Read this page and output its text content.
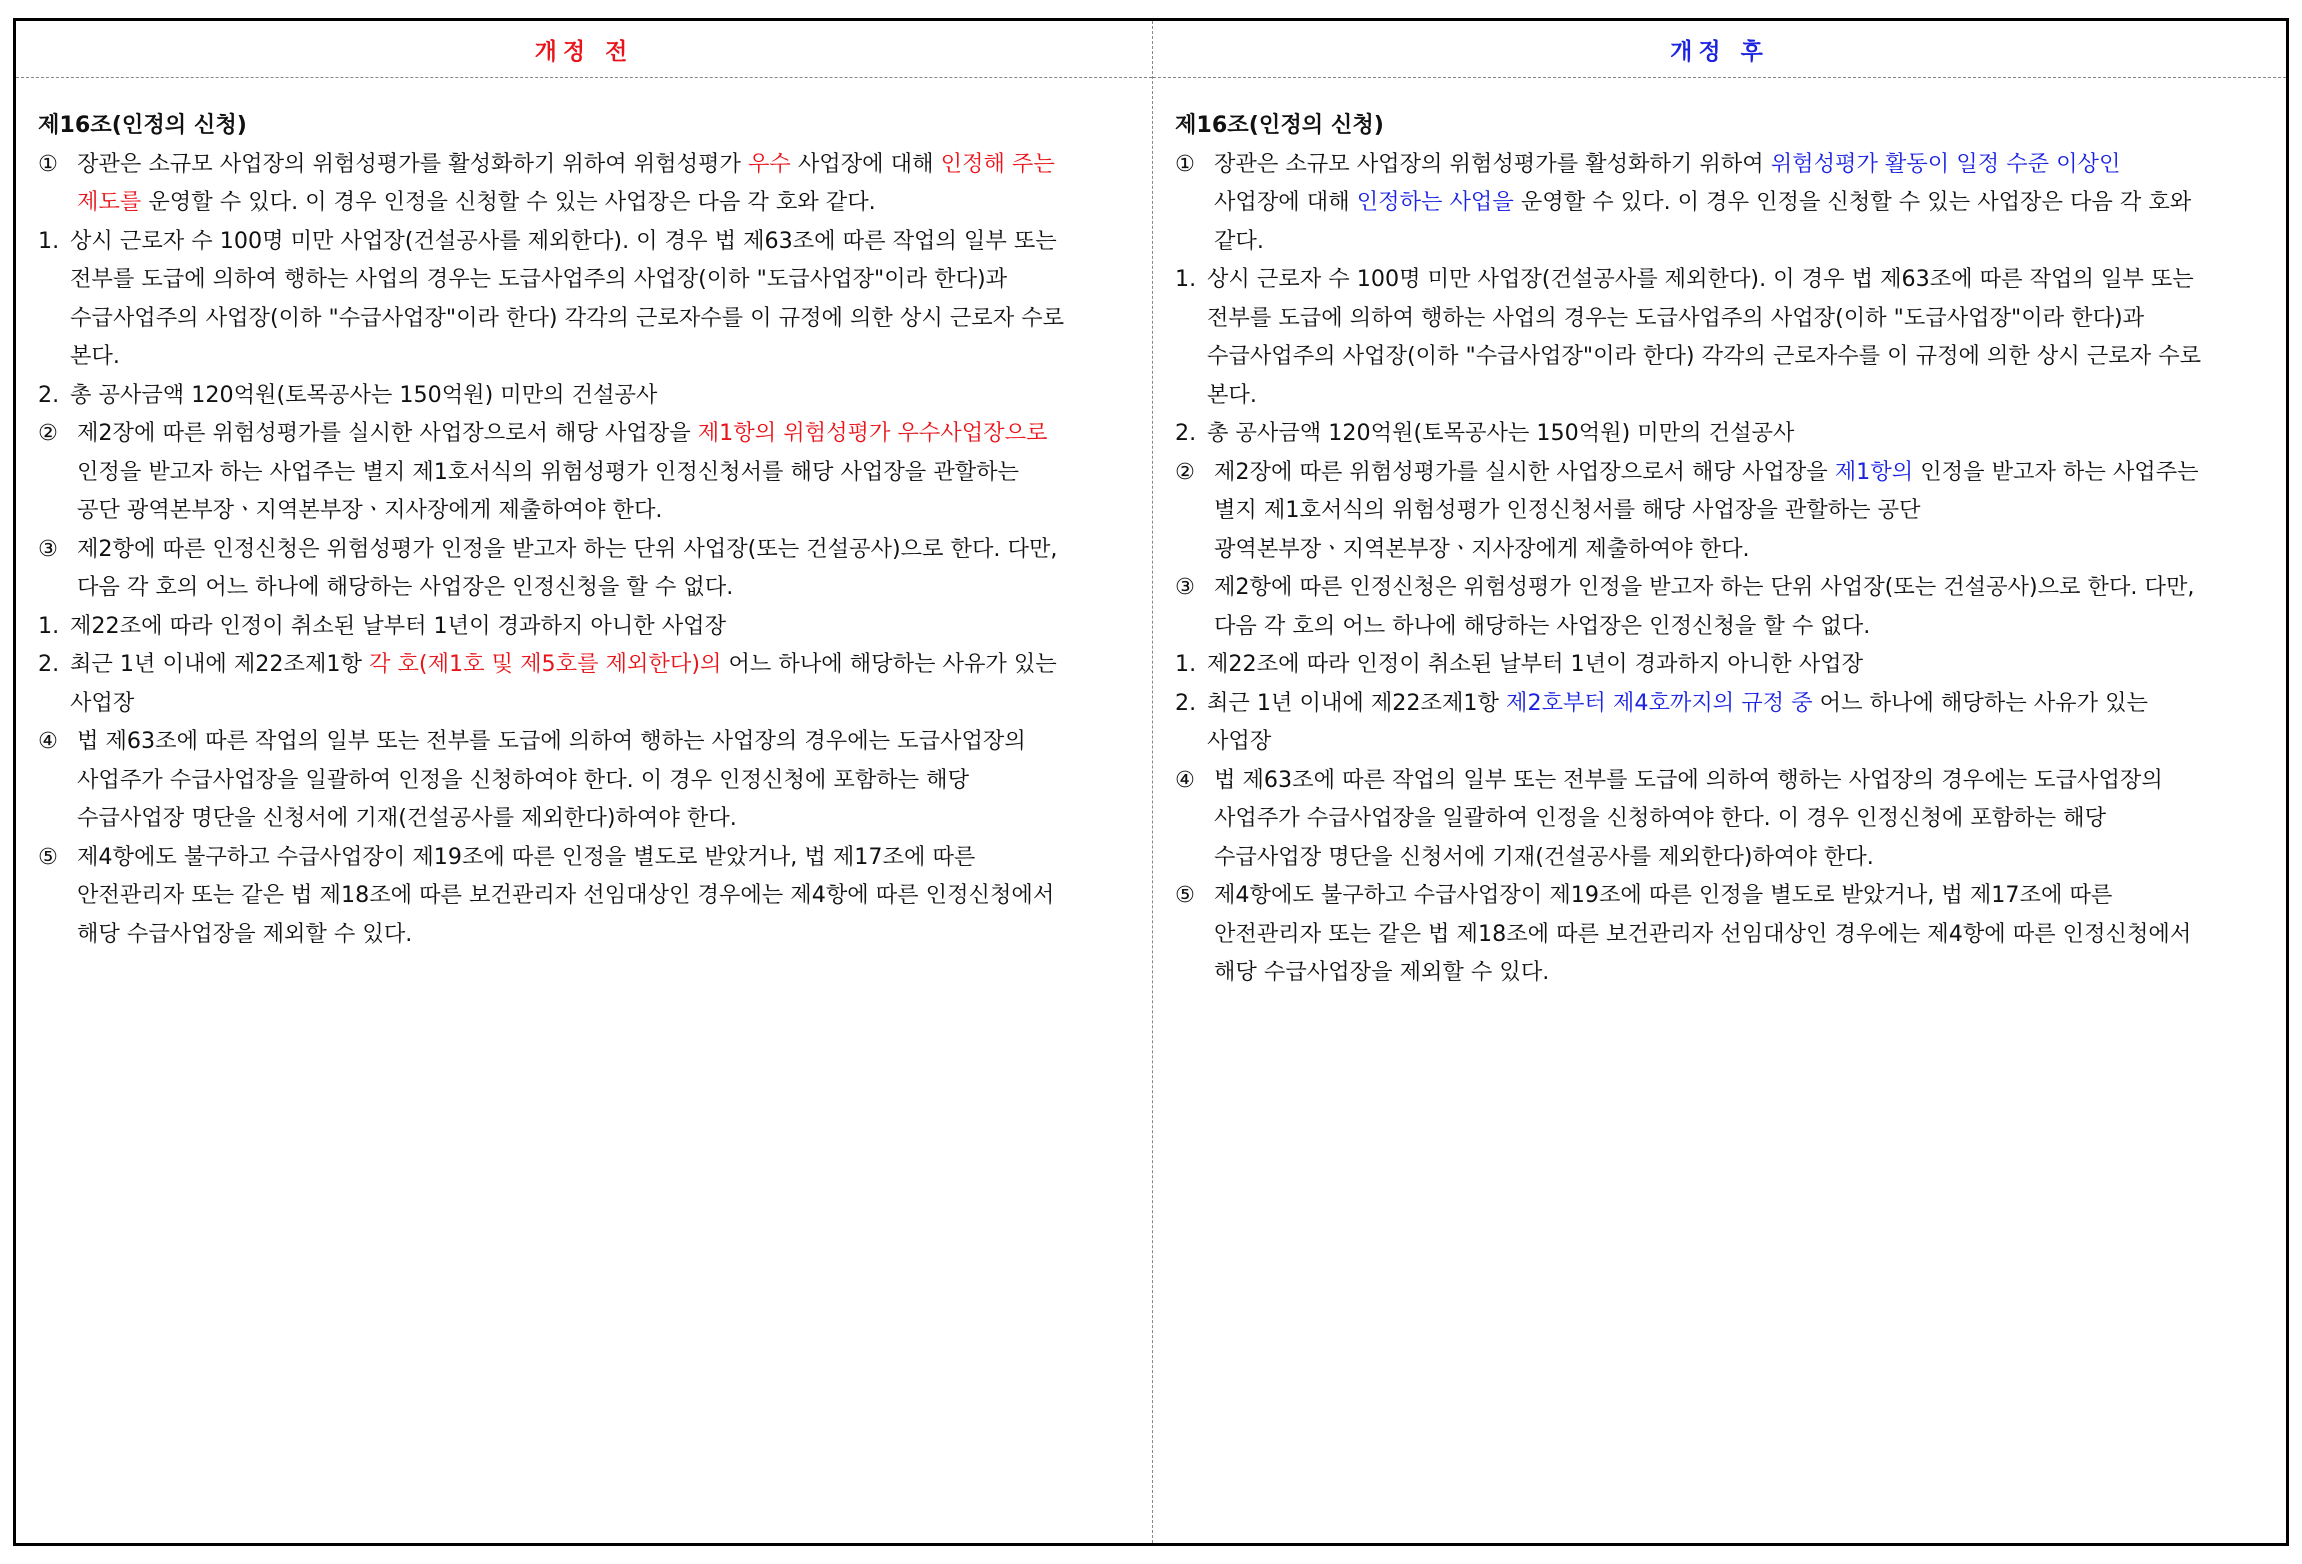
개정 전
제16조(인정의 신청)
① 장관은 소규모 사업장의 위험성평가를 활성화하기 위하여 위험성평가 우수 사업장에 대해 인정해 주는
제도를 운영할 수 있다. 이 경우 인정을 신청할 수 있는 사업장은 다음 각 호와 같다.
1. 상시 근로자 수 100명 미만 사업장(건설공사를 제외한다). 이 경우 법 제63조에 따른 작업의 일부 또는
전부를 도급에 의하여 행하는 사업의 경우는 도급사업주의 사업장(이하 "도급사업장"이라 한다)과
수급사업주의 사업장(이하 "수급사업장"이라 한다) 각각의 근로자수를 이 규정에 의한 상시 근로자 수로
본다.
2. 총 공사금액 120억원(토목공사는 150억원) 미만의 건설공사
② 제2장에 따른 위험성평가를 실시한 사업장으로서 해당 사업장을 제1항의 위험성평가 우수사업장으로
인정을 받고자 하는 사업주는 별지 제1호서식의 위험성평가 인정신청서를 해당 사업장을 관할하는
공단 광역본부장ㆍ지역본부장ㆍ지사장에게 제출하여야 한다.
③ 제2항에 따른 인정신청은 위험성평가 인정을 받고자 하는 단위 사업장(또는 건설공사)으로 한다. 다만,
다음 각 호의 어느 하나에 해당하는 사업장은 인정신청을 할 수 없다.
1. 제22조에 따라 인정이 취소된 날부터 1년이 경과하지 아니한 사업장
2. 최근 1년 이내에 제22조제1항 각 호(제1호 및 제5호를 제외한다)의 어느 하나에 해당하는 사유가 있는
사업장
④ 법 제63조에 따른 작업의 일부 또는 전부를 도급에 의하여 행하는 사업장의 경우에는 도급사업장의
사업주가 수급사업장을 일괄하여 인정을 신청하여야 한다. 이 경우 인정신청에 포함하는 해당
수급사업장 명단을 신청서에 기재(건설공사를 제외한다)하여야 한다.
⑤ 제4항에도 불구하고 수급사업장이 제19조에 따른 인정을 별도로 받았거나, 법 제17조에 따른
안전관리자 또는 같은 법 제18조에 따른 보건관리자 선임대상인 경우에는 제4항에 따른 인정신청에서
해당 수급사업장을 제외할 수 있다.
개정 후
제16조(인정의 신청)
① 장관은 소규모 사업장의 위험성평가를 활성화하기 위하여 위험성평가 활동이 일정 수준 이상인
사업장에 대해 인정하는 사업을 운영할 수 있다. 이 경우 인정을 신청할 수 있는 사업장은 다음 각 호와
같다.
1. 상시 근로자 수 100명 미만 사업장(건설공사를 제외한다). 이 경우 법 제63조에 따른 작업의 일부 또는
전부를 도급에 의하여 행하는 사업의 경우는 도급사업주의 사업장(이하 "도급사업장"이라 한다)과
수급사업주의 사업장(이하 "수급사업장"이라 한다) 각각의 근로자수를 이 규정에 의한 상시 근로자 수로
본다.
2. 총 공사금액 120억원(토목공사는 150억원) 미만의 건설공사
② 제2장에 따른 위험성평가를 실시한 사업장으로서 해당 사업장을 제1항의 인정을 받고자 하는 사업주는
별지 제1호서식의 위험성평가 인정신청서를 해당 사업장을 관할하는 공단
광역본부장ㆍ지역본부장ㆍ지사장에게 제출하여야 한다.
③ 제2항에 따른 인정신청은 위험성평가 인정을 받고자 하는 단위 사업장(또는 건설공사)으로 한다. 다만,
다음 각 호의 어느 하나에 해당하는 사업장은 인정신청을 할 수 없다.
1. 제22조에 따라 인정이 취소된 날부터 1년이 경과하지 아니한 사업장
2. 최근 1년 이내에 제22조제1항 제2호부터 제4호까지의 규정 중 어느 하나에 해당하는 사유가 있는
사업장
④ 법 제63조에 따른 작업의 일부 또는 전부를 도급에 의하여 행하는 사업장의 경우에는 도급사업장의
사업주가 수급사업장을 일괄하여 인정을 신청하여야 한다. 이 경우 인정신청에 포함하는 해당
수급사업장 명단을 신청서에 기재(건설공사를 제외한다)하여야 한다.
⑤ 제4항에도 불구하고 수급사업장이 제19조에 따른 인정을 별도로 받았거나, 법 제17조에 따른
안전관리자 또는 같은 법 제18조에 따른 보건관리자 선임대상인 경우에는 제4항에 따른 인정신청에서
해당 수급사업장을 제외할 수 있다.
